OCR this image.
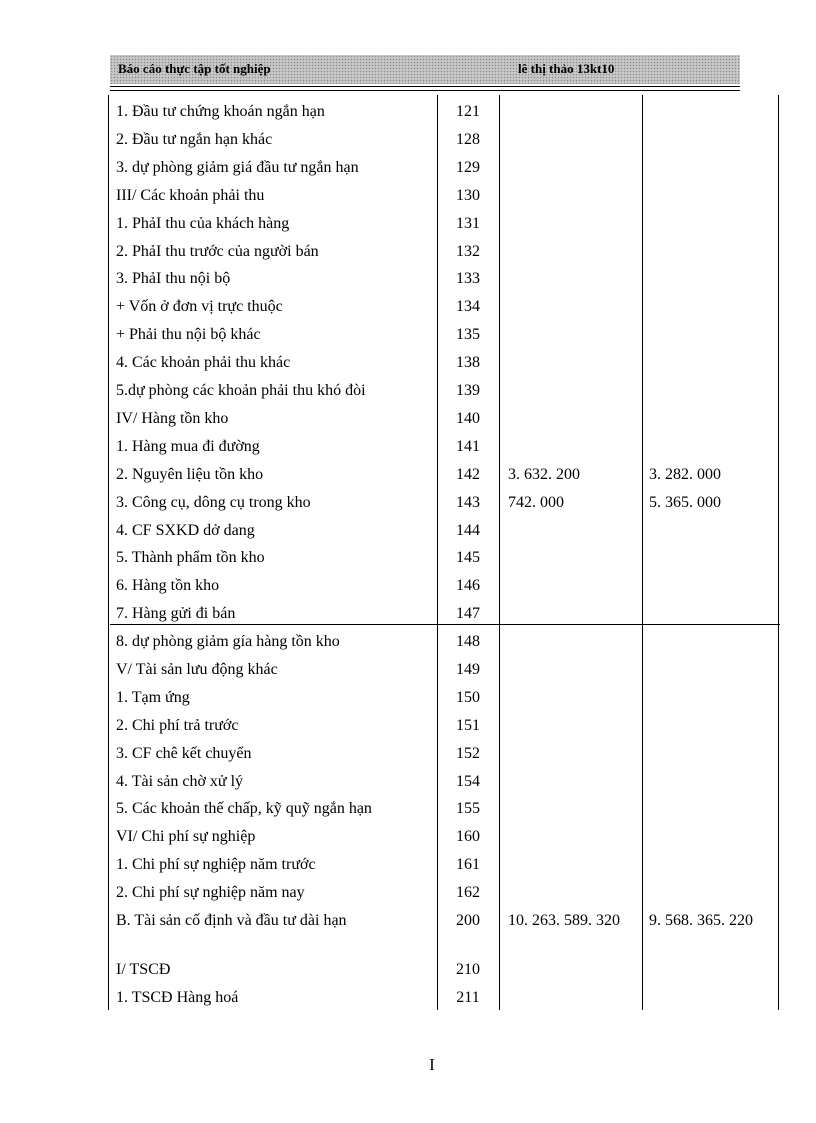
Báo cáo thực tập tốt nghiệp	lê thị thảo 13kt10
1. Đầu tư chứng khoán ngắn hạn	121
2. Đầu tư ngắn hạn khác	128
3. dự phòng giảm giá đầu tư ngắn hạn	129
III/ Các khoản phải thu	130
1. PhảI thu của khách hàng	131
2. PhảI thu trước của người bán	132
3. PhảI thu nội bộ	133
+ Vốn ở đơn vị trực thuộc	134
+ Phải thu nội bộ khác	135
4. Các khoản phải thu khác	138
5.dự phòng các khoản phải thu khó đòi	139
IV/ Hàng tồn kho	140
1. Hàng mua đi đường	141
2. Nguyên liệu tồn kho	142	3. 632. 200	3. 282. 000
3. Công cụ, dông cụ trong kho	143	742. 000	5. 365. 000
4. CF SXKD dở dang	144
5. Thành phẩm tồn kho	145
6. Hàng tồn kho	146
7. Hàng gửi đi bán	147
8. dự phòng giảm gía hàng tồn kho	148
V/ Tài sản lưu động khác	149
1. Tạm ứng	150
2. Chi phí trả trước	151
3. CF chê kết chuyển	152
4. Tài sản chờ xử lý	154
5. Các khoản thế chấp, kỹ quỹ ngắn hạn	155
VI/ Chi phí sự nghiệp	160
1. Chi phí sự nghiệp năm trước	161
2. Chi phí sự nghiệp năm nay	162
B. Tài sản cố định và đầu tư dài hạn	200	10. 263. 589. 320	9. 568. 365. 220
I/ TSCĐ	210
1. TSCĐ Hàng hoá	211
I
